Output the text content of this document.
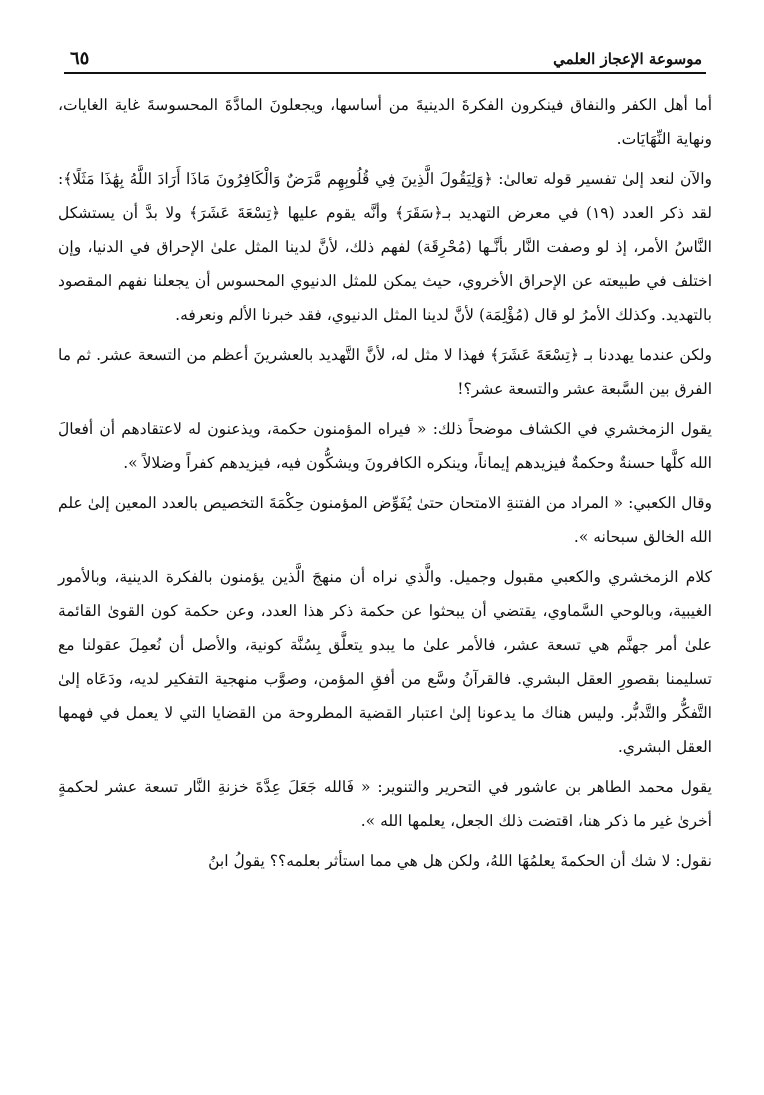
موسوعة الإعجاز العلمي
٦٥

أما أهل الكفر والنفاق فينكرون الفكرةَ الدينيةَ من أساسها، ويجعلونَ المادَّةَ المحسوسةَ غاية الغايات، ونهاية النِّهَايَات.

والآن لنعد إلىٰ تفسير قوله تعالىٰ: ﴿وَلِيَقُولَ الَّذِينَ فِي قُلُوبِهِم مَّرَضٌ وَالْكَافِرُونَ مَاذَا أَرَادَ اللَّهُ بِهَٰذَا مَثَلًا﴾: لقد ذكر العدد (١٩) في معرض التهديد بـ﴿سَقَرَ﴾ وأنَّه يقوم عليها ﴿تِسْعَةَ عَشَرَ﴾ ولا بدَّ أن يستشكل النَّاسُ الأمر، إذ لو وصفت النَّار بأنَّـها (مُحْرِقَة) لفهم ذلك، لأنَّ لدينا المثل علىٰ الإحراق في الدنيا، وإن اختلف في طبيعته عن الإحراق الأخروي، حيث يمكن للمثل الدنيوي المحسوس أن يجعلنا نفهم المقصود بالتهديد. وكذلك الأمرُ لو قال (مُؤْلِمَة) لأنَّ لدينا المثل الدنيوي، فقد خبرنا الألم ونعرفه.

ولكن عندما يهددنا بـ ﴿تِسْعَةَ عَشَرَ﴾ فهذا لا مثل له، لأنَّ التَّهديد بالعشرينَ أعظم من التسعة عشر. ثم ما الفرق بين السَّبعة عشر والتسعة عشر؟!

يقول الزمخشري في الكشاف موضحاً ذلك: « فيراه المؤمنون حكمة، ويذعنون له لاعتقادهم أن أفعالَ الله كلَّها حسنةٌ وحكمةٌ فيزيدهم إيماناً، وينكره الكافرونَ ويشكُّون فيه، فيزيدهم كفراً وضلالاً ».

وقال الكعبي: « المراد من الفتنةِ الامتحان حتىٰ يُفَوِّض المؤمنون حِكْمَةَ التخصيص بالعدد المعين إلىٰ علم الله الخالق سبحانه ».

كلام الزمخشري والكعبي مقبول وجميل. والَّذي نراه أن منهجَ الَّذين يؤمنون بالفكرة الدينية، وبالأمور الغيبية، وبالوحي السَّماوي، يقتضي أن يبحثوا عن حكمة ذكر هذا العدد، وعن حكمة كون القوىٰ القائمة علىٰ أمر جهنَّم هي تسعة عشر، فالأمر علىٰ ما يبدو يتعلَّق بِسُنَّة كونية، والأصل أن نُعمِلَ عقولنا مع تسليمنا بقصورِ العقل البشري. فالقرآنُ وسَّع من أفقِ المؤمن، وصوَّب منهجية التفكير لديه، ودَعَاه إلىٰ التَّفكُّر والتَّدبُّر. وليس هناك ما يدعونا إلىٰ اعتبار القضية المطروحة من القضايا التي لا يعمل في فهمها العقل البشري.

يقول محمد الطاهر بن عاشور في التحرير والتنوير: « فَالله جَعَلَ عِدَّةَ خزنةِ النَّار تسعة عشر لحكمةٍ أخرىٰ غير ما ذكر هنا، اقتضت ذلك الجعل، يعلمها الله ».

نقول: لا شك أن الحكمةَ يعلمُهَا اللهُ، ولكن هل هي مما استأثر بعلمه؟؟ يقولُ ابنُ
